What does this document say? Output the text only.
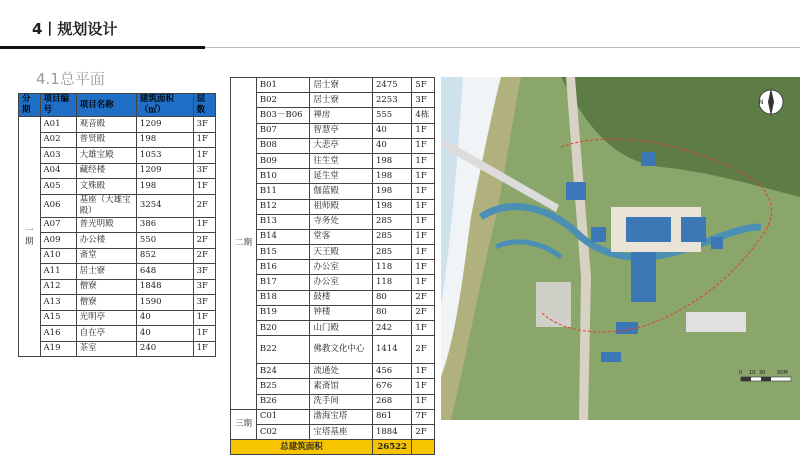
4丨规划设计
4.1总平面
分期	项目编号	项目名称	建筑面积（㎡）	层数
一期	A01	观音殿	1209	3F
	A02	普贤殿	198	1F
	A03	大雄宝殿	1053	1F
	A04	藏经楼	1209	3F
	A05	文殊殿	198	1F
	A06	基座（大雄宝殿）	3254	2F
	A07	普光明殿	386	1F
	A09	办公楼	550	2F
	A10	斋堂	852	2F
	A11	居士寮	648	3F
	A12	僧寮	1848	3F
	A13	僧寮	1590	3F
	A15	光明亭	40	1F
	A16	自在亭	40	1F
	A19	茶室	240	1F
二期	B01	居士寮	2475	5F
	B02	居士寮	2253	3F
	B03－B06	禅房	555	4栋
	B07	智慧亭	40	1F
	B08	大悲亭	40	1F
	B09	往生堂	198	1F
	B10	延生堂	198	1F
	B11	伽蓝殿	198	1F
	B12	祖师殿	198	1F
	B13	寺务处	285	1F
	B14	堂客	285	1F
	B15	天王殿	285	1F
	B16	办公室	118	1F
	B17	办公室	118	1F
	B18	鼓楼	80	2F
	B19	钟楼	80	2F
	B20	山门殿	242	1F
	B22	佛教文化中心	1414	2F
	B24	流通处	456	1F
	B25	素斋馆	676	1F
	B26	洗手间	268	1F
三期	C01	渤海宝塔	861	7F
	C02	宝塔基座	1884	2F
总建筑面积			26522	
N
0 10 30 50M
